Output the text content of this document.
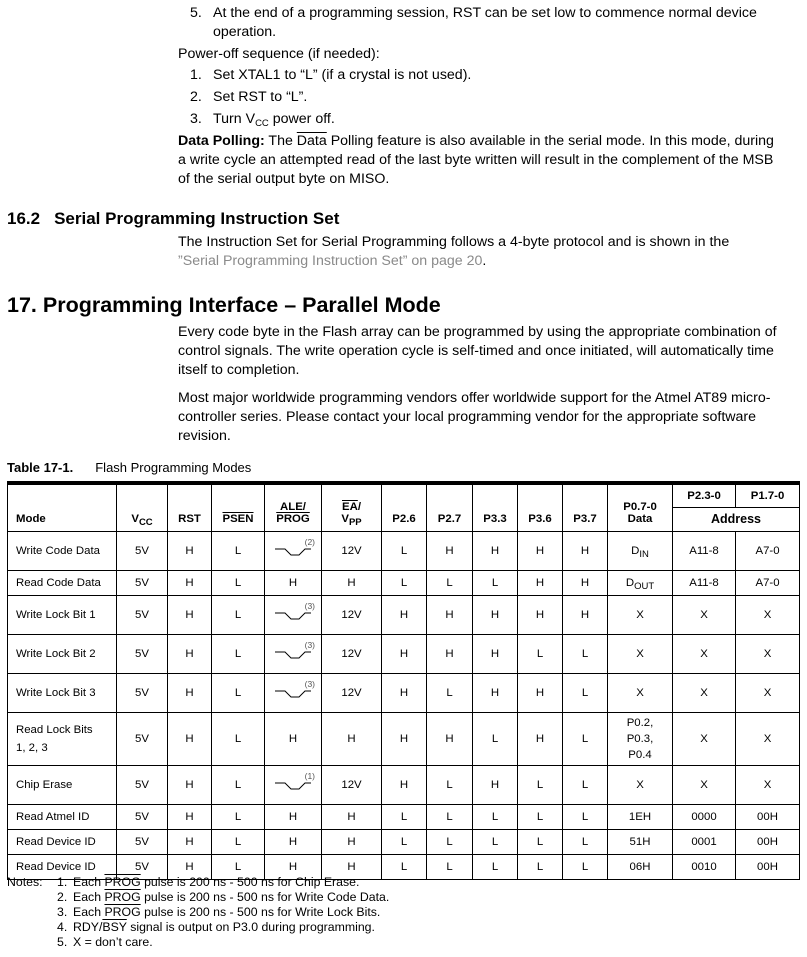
5. At the end of a programming session, RST can be set low to commence normal device
operation.
Power-off sequence (if needed):
1. Set XTAL1 to “L” (if a crystal is not used).
2. Set RST to “L”.
3. Turn $V_{CC}$ power off.
Data Polling: The Data Polling feature is also available in the serial mode. In this mode, during
a write cycle an attempted read of the last byte written will result in the complement of the MSB
of the serial output byte on MISO.
16.2 Serial Programming Instruction Set
The Instruction Set for Serial Programming follows a 4-byte protocol and is shown in the
”Serial Programming Instruction Set” on page 20.
17. Programming Interface – Parallel Mode
Every code byte in the Flash array can be programmed by using the appropriate combination of
control signals. The write operation cycle is self-timed and once initiated, will automatically time
itself to completion.
Most major worldwide programming vendors offer worldwide support for the Atmel AT89 micro-
controller series. Please contact your local programming vendor for the appropriate software
revision.
Table 17-1. Flash Programming Modes
Mode	$V_{CC}$	RST	PSEN	ALE/
PROG	$\overline{EA}/$
$V_{PP}$	P2.6	P2.7	P3.3	P3.6	P3.7	P0.7-0
Data	P2.3-0	P1.7-0
												Address	
Write Code Data	5V	H	L	(2)	12V	L	H	H	H	H	$D_{IN}$	A11-8	A7-0
Read Code Data	5V	H	L	H	H	L	L	L	H	H	$D_{OUT}$	A11-8	A7-0
Write Lock Bit 1	5V	H	L	(3)	12V	H	H	H	H	H	X	X	X
Write Lock Bit 2	5V	H	L	(3)	12V	H	H	H	L	L	X	X	X
Write Lock Bit 3	5V	H	L	(3)	12V	H	L	H	H	L	X	X	X
Read Lock Bits 1, 2, 3	5V	H	L	H	H	H	H	L	H	L	P0.2, P0.3, P0.4	X	X
Chip Erase	5V	H	L	(1)	12V	H	L	H	L	L	X	X	X
Read Atmel ID	5V	H	L	H	H	L	L	L	L	L	1EH	0000	00H
Read Device ID	5V	H	L	H	H	L	L	L	L	L	51H	0001	00H
Read Device ID	5V	H	L	H	H	L	L	L	L	L	06H	0010	00H
Notes: 1. Each PROG pulse is 200 ns - 500 ns for Chip Erase.
2. Each PROG pulse is 200 ns - 500 ns for Write Code Data.
3. Each PROG pulse is 200 ns - 500 ns for Write Lock Bits.
4. RDY/$\overline{BSY}$ signal is output on P3.0 during programming.
5. X = don’t care.
